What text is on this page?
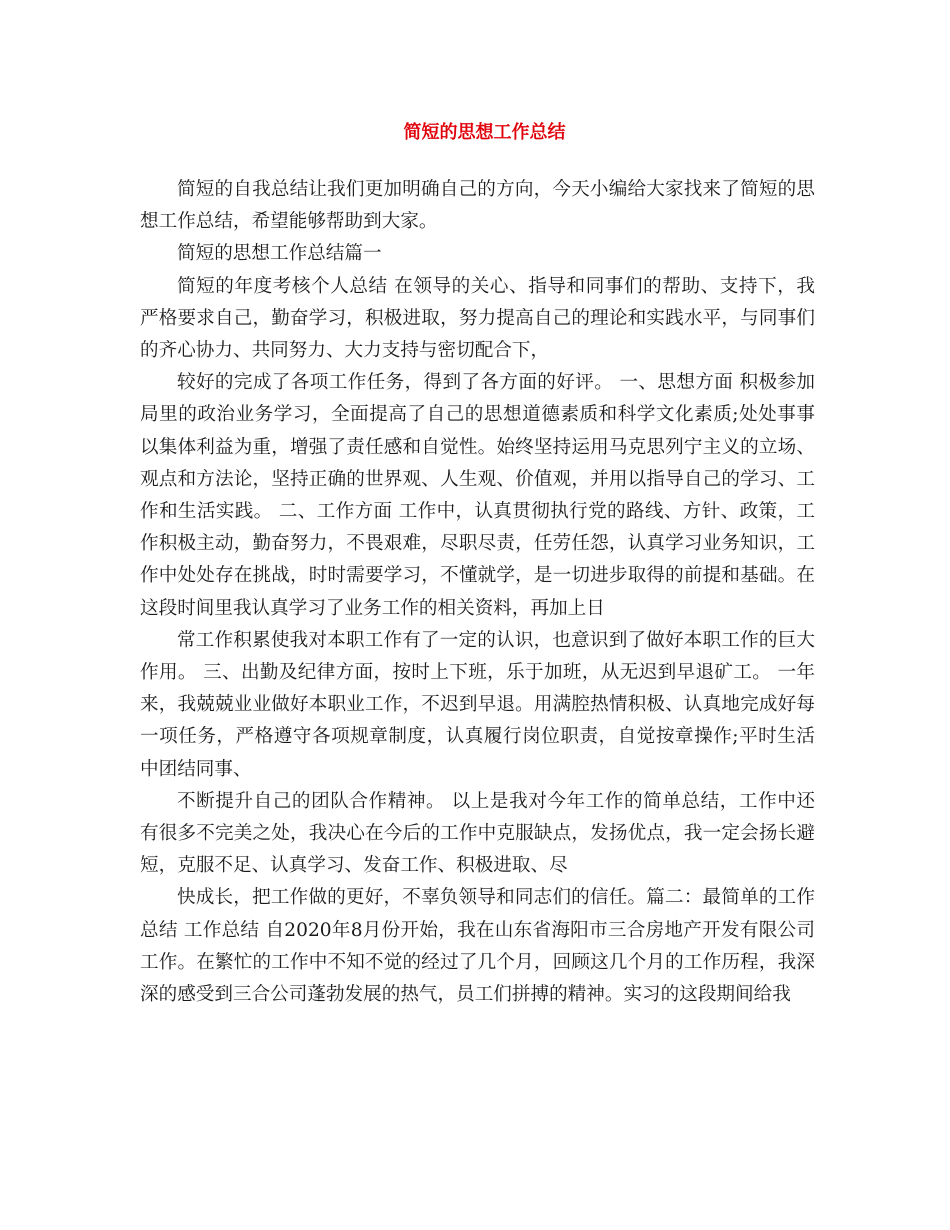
简短的思想工作总结

简短的自我总结让我们更加明确自己的方向，今天小编给大家找来了简短的思想工作总结，希望能够帮助到大家。

简短的思想工作总结篇一

简短的年度考核个人总结 在领导的关心、指导和同事们的帮助、支持下，我严格要求自己，勤奋学习，积极进取，努力提高自己的理论和实践水平，与同事们的齐心协力、共同努力、大力支持与密切配合下，

较好的完成了各项工作任务，得到了各方面的好评。 一、思想方面 积极参加局里的政治业务学习，全面提高了自己的思想道德素质和科学文化素质;处处事事以集体利益为重，增强了责任感和自觉性。始终坚持运用马克思列宁主义的立场、观点和方法论，坚持正确的世界观、人生观、价值观，并用以指导自己的学习、工作和生活实践。 二、工作方面 工作中，认真贯彻执行党的路线、方针、政策，工作积极主动，勤奋努力，不畏艰难，尽职尽责，任劳任怨，认真学习业务知识，工作中处处存在挑战，时时需要学习，不懂就学，是一切进步取得的前提和基础。在这段时间里我认真学习了业务工作的相关资料，再加上日

常工作积累使我对本职工作有了一定的认识，也意识到了做好本职工作的巨大作用。 三、出勤及纪律方面，按时上下班，乐于加班，从无迟到早退矿工。 一年来，我兢兢业业做好本职业工作，不迟到早退。用满腔热情积极、认真地完成好每一项任务，严格遵守各项规章制度，认真履行岗位职责，自觉按章操作;平时生活中团结同事、

不断提升自己的团队合作精神。 以上是我对今年工作的简单总结，工作中还有很多不完美之处，我决心在今后的工作中克服缺点，发扬优点，我一定会扬长避短，克服不足、认真学习、发奋工作、积极进取、尽

快成长，把工作做的更好，不辜负领导和同志们的信任。篇二：最简单的工作总结 工作总结 自2020年8月份开始，我在山东省海阳市三合房地产开发有限公司工作。在繁忙的工作中不知不觉的经过了几个月，回顾这几个月的工作历程，我深深的感受到三合公司蓬勃发展的热气，员工们拼搏的精神。实习的这段期间给我
